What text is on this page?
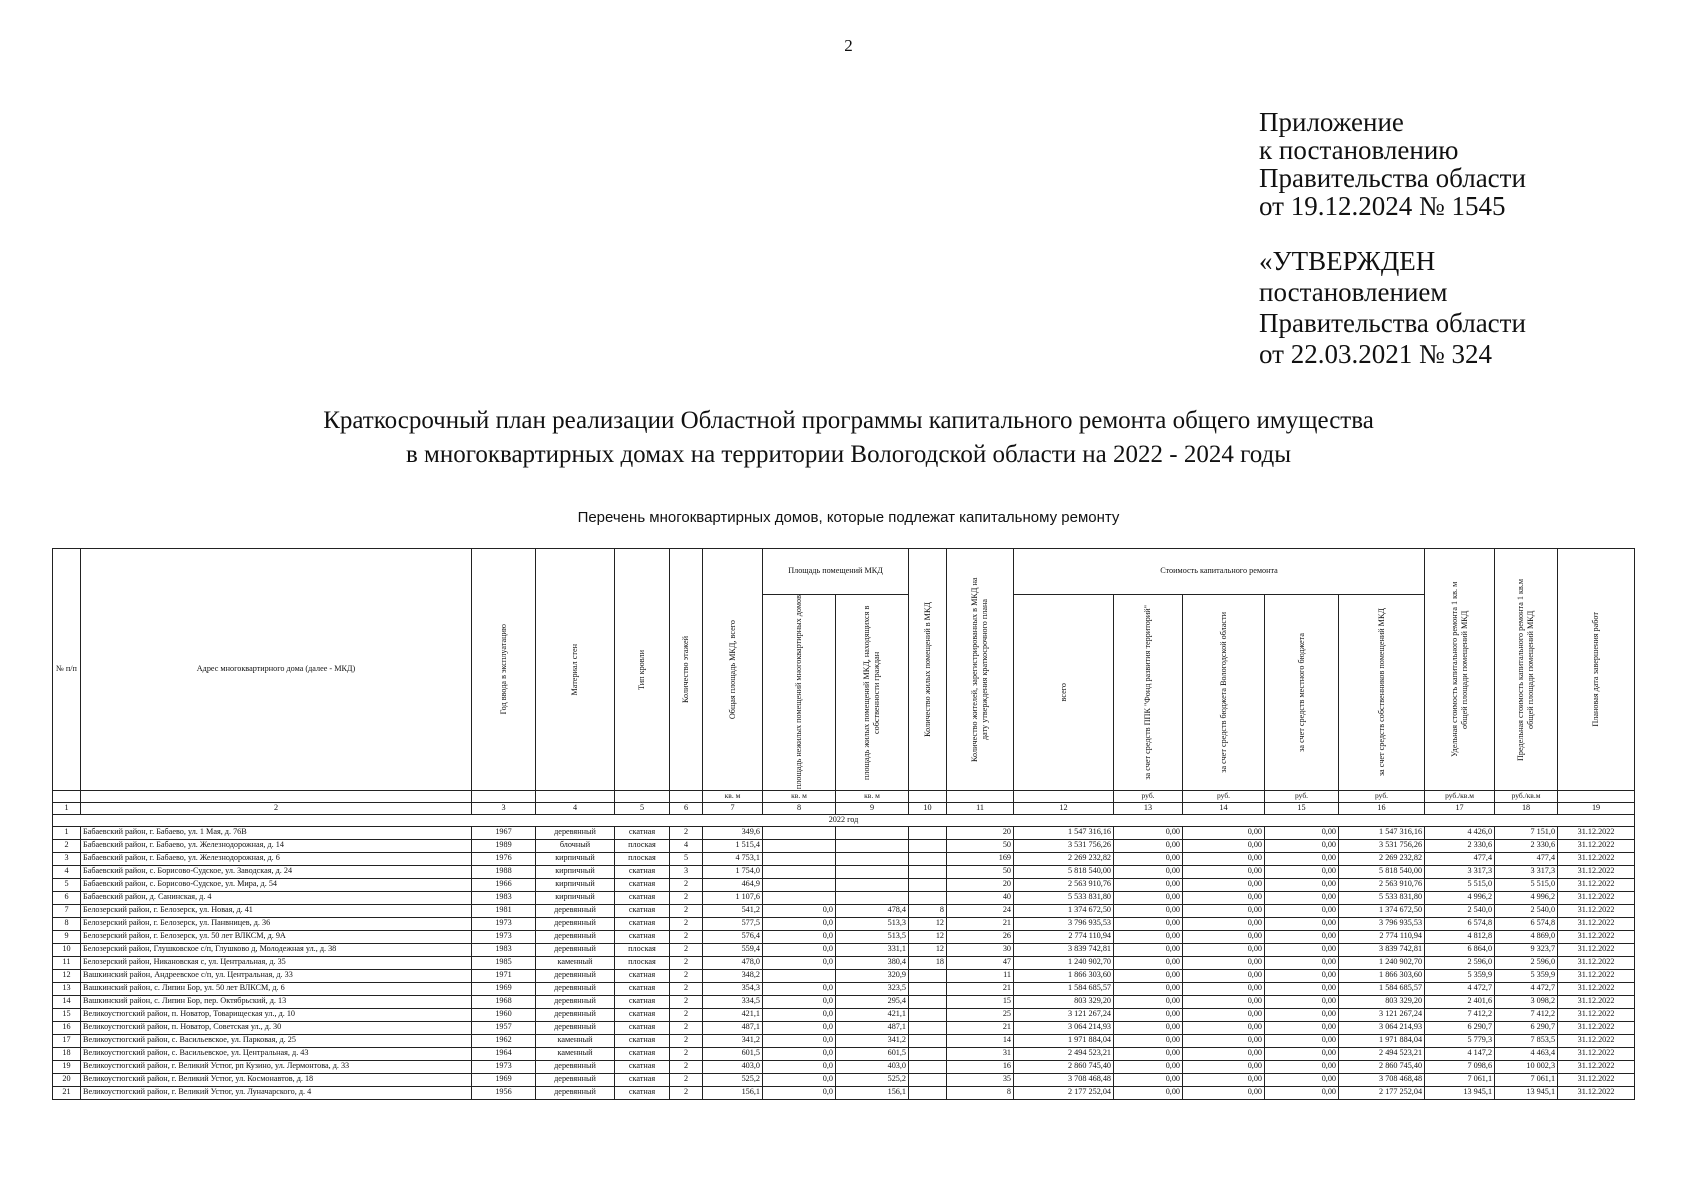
2
Приложение
к постановлению
Правительства области
от 19.12.2024 № 1545
«УТВЕРЖДЕН
постановлением
Правительства области
от 22.03.2021 № 324
Краткосрочный план реализации Областной программы капитального ремонта общего имущества
в многоквартирных домах на территории Вологодской области на 2022 - 2024 годы
Перечень многоквартирных домов, которые подлежат капитальному ремонту
№ п/п	Адрес многоквартирного дома (далее - МКД)	Год ввода в эксплуатацию	Материал стен	Тип кровли	Количество этажей	Общая площадь МКД, всего	Площадь помещений МКД		Количество жилых помещений в МКД	Количество жителей, зарегистрированных в МКД на дату утверждения краткосрочного плана	Стоимость капитального ремонта					Удельная стоимость капитального ремонта 1 кв. м общей площади помещений МКД	Предельная стоимость капитального ремонта 1 кв.м общей площади помещений МКД	Плановая дата завершения работ

							площадь нежилых помещений многоквартирных домов	площадь жилых помещений МКД, находящихся в собственности граждан			всего	за счет средств ППК "Фонд развития территорий"	за счет средств бюджета Вологодской области	за счет средств местного бюджета	за счет средств собственников помещений МКД			

						кв. м	кв. м	кв. м				руб.	руб.	руб.	руб.	руб./кв.м	руб./кв.м	
1	2	3	4	5	6	7	8	9	10	11	12	13	14	15	16	17	18	19
2022 год																		
1	Бабаевский район, г. Бабаево, ул. 1 Мая, д. 76В	1967	деревянный	скатная	2	349,6				20	1 547 316,16	0,00	0,00	0,00	1 547 316,16	4 426,0	7 151,0	31.12.2022
2	Бабаевский район, г. Бабаево, ул. Железнодорожная, д. 14	1989	блочный	плоская	4	1 515,4				50	3 531 756,26	0,00	0,00	0,00	3 531 756,26	2 330,6	2 330,6	31.12.2022
3	Бабаевский район, г. Бабаево, ул. Железнодорожная, д. 6	1976	кирпичный	плоская	5	4 753,1				169	2 269 232,82	0,00	0,00	0,00	2 269 232,82	477,4	477,4	31.12.2022
4	Бабаевский район, с. Борисово-Судское, ул. Заводская, д. 24	1988	кирпичный	скатная	3	1 754,0				50	5 818 540,00	0,00	0,00	0,00	5 818 540,00	3 317,3	3 317,3	31.12.2022
5	Бабаевский район, с. Борисово-Судское, ул. Мира, д. 54	1966	кирпичный	скатная	2	464,9				20	2 563 910,76	0,00	0,00	0,00	2 563 910,76	5 515,0	5 515,0	31.12.2022
6	Бабаевский район, д. Санинская, д. 4	1983	кирпичный	скатная	2	1 107,6				40	5 533 831,80	0,00	0,00	0,00	5 533 831,80	4 996,2	4 996,2	31.12.2022
7	Белозерский район, г. Белозерск, ул. Новая, д. 41	1981	деревянный	скатная	2	541,2	0,0	478,4	8	24	1 374 672,50	0,00	0,00	0,00	1 374 672,50	2 540,0	2 540,0	31.12.2022
8	Белозерский район, г. Белозерск, ул. Панвницев, д. 36	1973	деревянный	скатная	2	577,5	0,0	513,3	12	21	3 796 935,53	0,00	0,00	0,00	3 796 935,53	6 574,8	6 574,8	31.12.2022
9	Белозерский район, г. Белозерск, ул. 50 лет ВЛКСМ, д. 9А	1973	деревянный	скатная	2	576,4	0,0	513,5	12	26	2 774 110,94	0,00	0,00	0,00	2 774 110,94	4 812,8	4 869,0	31.12.2022
10	Белозерский район, Глушковское с/п, Глушково д, Молодежная ул., д. 38	1983	деревянный	плоская	2	559,4	0,0	331,1	12	30	3 839 742,81	0,00	0,00	0,00	3 839 742,81	6 864,0	9 323,7	31.12.2022
11	Белозерский район, Никановская с, ул. Центральная, д. 35	1985	каменный	плоская	2	478,0	0,0	380,4	18	47	1 240 902,70	0,00	0,00	0,00	1 240 902,70	2 596,0	2 596,0	31.12.2022
12	Вашкинский район, Андреевское с/п, ул. Центральная, д. 33	1971	деревянный	скатная	2	348,2		320,9		11	1 866 303,60	0,00	0,00	0,00	1 866 303,60	5 359,9	5 359,9	31.12.2022
13	Вашкинский район, с. Липин Бор, ул. 50 лет ВЛКСМ, д. 6	1969	деревянный	скатная	2	354,3	0,0	323,5		21	1 584 685,57	0,00	0,00	0,00	1 584 685,57	4 472,7	4 472,7	31.12.2022
14	Вашкинский район, с. Липин Бор, пер. Октябрьский, д. 13	1968	деревянный	скатная	2	334,5	0,0	295,4		15	803 329,20	0,00	0,00	0,00	803 329,20	2 401,6	3 098,2	31.12.2022
15	Великоустюгский район, п. Новатор, Товарищеская ул., д. 10	1960	деревянный	скатная	2	421,1	0,0	421,1		25	3 121 267,24	0,00	0,00	0,00	3 121 267,24	7 412,2	7 412,2	31.12.2022
16	Великоустюгский район, п. Новатор, Советская ул., д. 30	1957	деревянный	скатная	2	487,1	0,0	487,1		21	3 064 214,93	0,00	0,00	0,00	3 064 214,93	6 290,7	6 290,7	31.12.2022
17	Великоустюгский район, с. Васильевское, ул. Парковая, д. 25	1962	каменный	скатная	2	341,2	0,0	341,2		14	1 971 884,04	0,00	0,00	0,00	1 971 884,04	5 779,3	7 853,5	31.12.2022
18	Великоустюгский район, с. Васильевское, ул. Центральная, д. 43	1964	каменный	скатная	2	601,5	0,0	601,5		31	2 494 523,21	0,00	0,00	0,00	2 494 523,21	4 147,2	4 463,4	31.12.2022
19	Великоустюгский район, г. Великий Устюг, рп Кузино, ул. Лермонтова, д. 33	1973	деревянный	скатная	2	403,0	0,0	403,0		16	2 860 745,40	0,00	0,00	0,00	2 860 745,40	7 098,6	10 002,3	31.12.2022
20	Великоустюгский район, г. Великий Устюг, ул. Космонавтов, д. 18	1969	деревянный	скатная	2	525,2	0,0	525,2		35	3 708 468,48	0,00	0,00	0,00	3 708 468,48	7 061,1	7 061,1	31.12.2022
21	Великоустюгский район, г. Великий Устюг, ул. Луначарского, д. 4	1956	деревянный	скатная	2	156,1	0,0	156,1		8	2 177 252,04	0,00	0,00	0,00	2 177 252,04	13 945,1	13 945,1	31.12.2022
